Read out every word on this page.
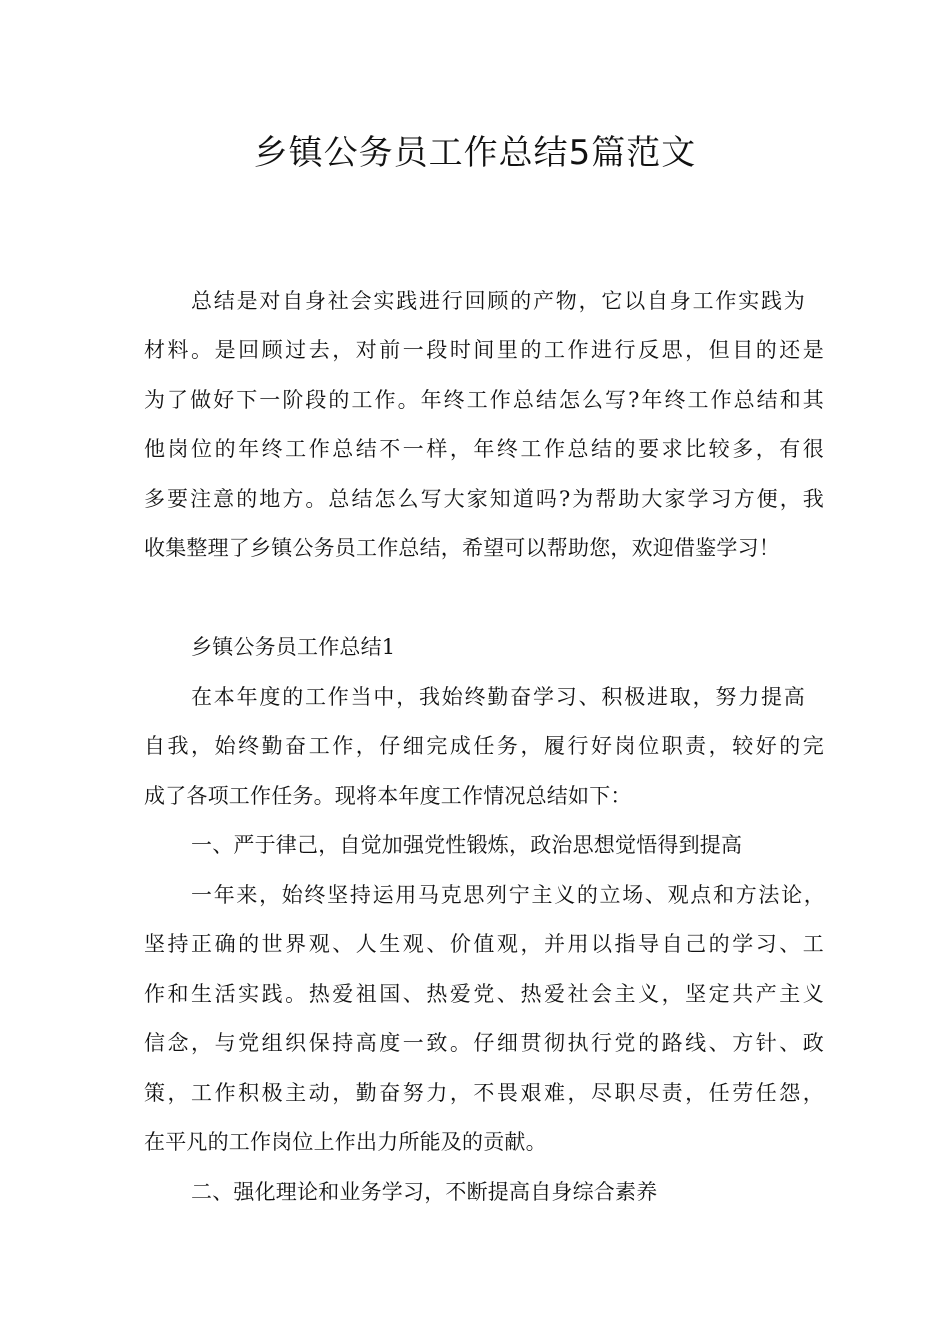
乡镇公务员工作总结5篇范文
总结是对自身社会实践进行回顾的产物，它以自身工作实践为
材料。是回顾过去，对前一段时间里的工作进行反思，但目的还是
为了做好下一阶段的工作。年终工作总结怎么写?年终工作总结和其
他岗位的年终工作总结不一样，年终工作总结的要求比较多，有很
多要注意的地方。总结怎么写大家知道吗?为帮助大家学习方便，我
收集整理了乡镇公务员工作总结，希望可以帮助您，欢迎借鉴学习！
乡镇公务员工作总结1
在本年度的工作当中，我始终勤奋学习、积极进取，努力提高
自我，始终勤奋工作，仔细完成任务，履行好岗位职责，较好的完
成了各项工作任务。现将本年度工作情况总结如下：
一、严于律己，自觉加强党性锻炼，政治思想觉悟得到提高
一年来，始终坚持运用马克思列宁主义的立场、观点和方法论，
坚持正确的世界观、人生观、价值观，并用以指导自己的学习、工
作和生活实践。热爱祖国、热爱党、热爱社会主义，坚定共产主义
信念，与党组织保持高度一致。仔细贯彻执行党的路线、方针、政
策，工作积极主动，勤奋努力，不畏艰难，尽职尽责，任劳任怨，
在平凡的工作岗位上作出力所能及的贡献。
二、强化理论和业务学习，不断提高自身综合素养
